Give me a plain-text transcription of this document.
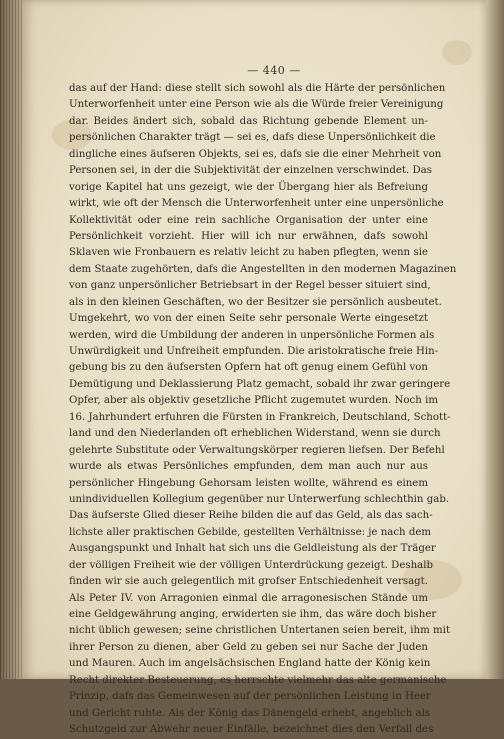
— 440 —
das auf der Hand: diese stellt sich sowohl als die Härte der persönlichen
Unterworfenheit unter eine Person wie als die Würde freier Vereinigung
dar. Beides ändert sich, sobald das Richtung gebende Element un-
persönlichen Charakter trägt — sei es, dafs diese Unpersönlichkeit die
dingliche eines äufseren Objekts, sei es, dafs sie die einer Mehrheit von
Personen sei, in der die Subjektivität der einzelnen verschwindet. Das
vorige Kapitel hat uns gezeigt, wie der Übergang hier als Befreiung
wirkt, wie oft der Mensch die Unterworfenheit unter eine unpersönliche
Kollektivität oder eine rein sachliche Organisation der unter eine
Persönlichkeit vorzieht. Hier will ich nur erwähnen, dafs sowohl
Sklaven wie Fronbauern es relativ leicht zu haben pflegten, wenn sie
dem Staate zugehörten, dafs die Angestellten in den modernen Magazinen
von ganz unpersönlicher Betriebsart in der Regel besser situiert sind,
als in den kleinen Geschäften, wo der Besitzer sie persönlich ausbeutet.
Umgekehrt, wo von der einen Seite sehr personale Werte eingesetzt
werden, wird die Umbildung der anderen in unpersönliche Formen als
Unwürdigkeit und Unfreiheit empfunden. Die aristokratische freie Hin-
gebung bis zu den äufsersten Opfern hat oft genug einem Gefühl von
Demütigung und Deklassierung Platz gemacht, sobald ihr zwar geringere
Opfer, aber als objektiv gesetzliche Pflicht zugemutet wurden. Noch im
16. Jahrhundert erfuhren die Fürsten in Frankreich, Deutschland, Schott-
land und den Niederlanden oft erheblichen Widerstand, wenn sie durch
gelehrte Substitute oder Verwaltungskörper regieren liefsen. Der Befehl
wurde als etwas Persönliches empfunden, dem man auch nur aus
persönlicher Hingebung Gehorsam leisten wollte, während es einem
unindividuellen Kollegium gegenüber nur Unterwerfung schlechthin gab.
Das äufserste Glied dieser Reihe bilden die auf das Geld, als das sach-
lichste aller praktischen Gebilde, gestellten Verhältnisse: je nach dem
Ausgangspunkt und Inhalt hat sich uns die Geldleistung als der Träger
der völligen Freiheit wie der völligen Unterdrückung gezeigt. Deshalb
finden wir sie auch gelegentlich mit grofser Entschiedenheit versagt.
Als Peter IV. von Arragonien einmal die arragonesischen Stände um
eine Geldgewährung anging, erwiderten sie ihm, das wäre doch bisher
nicht üblich gewesen; seine christlichen Untertanen seien bereit, ihm mit
ihrer Person zu dienen, aber Geld zu geben sei nur Sache der Juden
und Mauren. Auch im angelsächsischen England hatte der König kein
Recht direkter Besteuerung, es herrschte vielmehr das alte germanische
Prinzip, dafs das Gemeinwesen auf der persönlichen Leistung in Heer
und Gericht ruhte. Als der König das Dänengeld erhebt, angeblich als
Schutzgeld zur Abwehr neuer Einfälle, bezeichnet dies den Verfall des
